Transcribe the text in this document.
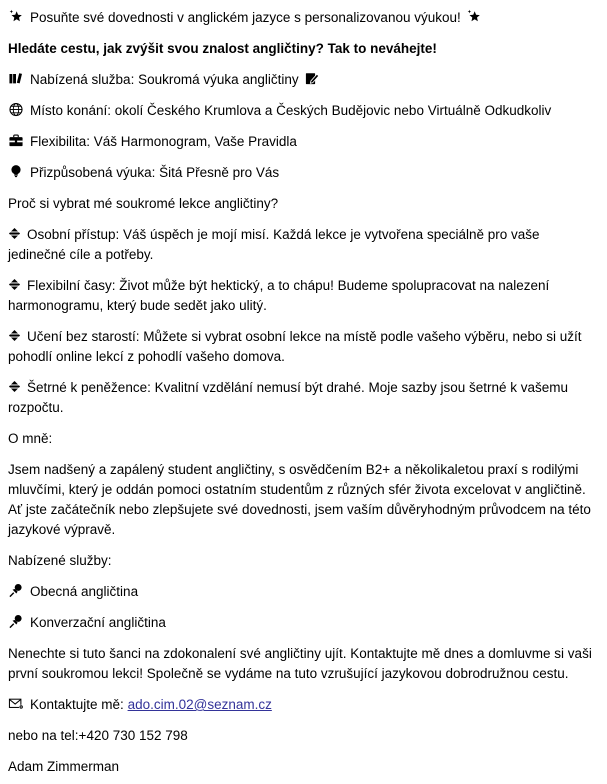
Posuňte své dovednosti v anglickém jazyce s personalizovanou výukou!

Hledáte cestu, jak zvýšit svou znalost angličtiny? Tak to neváhejte!

Nabízená služba: Soukromá výuka angličtiny

Místo konání: okolí Českého Krumlova a Českých Budějovic nebo Virtuálně Odkudkoliv

Flexibilita: Váš Harmonogram, Vaše Pravidla

Přizpůsobená výuka: Šitá Přesně pro Vás

Proč si vybrat mé soukromé lekce angličtiny?

Osobní přístup: Váš úspěch je mojí misí. Každá lekce je vytvořena speciálně pro vaše jedinečné cíle a potřeby.

Flexibilní časy: Život může být hektický, a to chápu! Budeme spolupracovat na nalezení harmonogramu, který bude sedět jako ulitý.

Učení bez starostí: Můžete si vybrat osobní lekce na místě podle vašeho výběru, nebo si užít pohodlí online lekcí z pohodlí vašeho domova.

Šetrné k peněžence: Kvalitní vzdělání nemusí být drahé. Moje sazby jsou šetrné k vašemu rozpočtu.

O mně:

Jsem nadšený a zapálený student angličtiny, s osvědčením B2+ a několikaletou praxí s rodilými mluvčími, který je oddán pomoci ostatním studentům z různých sfér života excelovat v angličtině. Ať jste začátečník nebo zlepšujete své dovednosti, jsem vaším důvěryhodným průvodcem na této jazykové výpravě.

Nabízené služby:

Obecná angličtina

Konverzační angličtina

Nenechte si tuto šanci na zdokonalení své angličtiny ujít. Kontaktujte mě dnes a domluvme si vaši první soukromou lekci! Společně se vydáme na tuto vzrušující jazykovou dobrodružnou cestu.

Kontaktujte mě: ado.cim.02@seznam.cz

nebo na tel:+420 730 152 798

Adam Zimmerman
